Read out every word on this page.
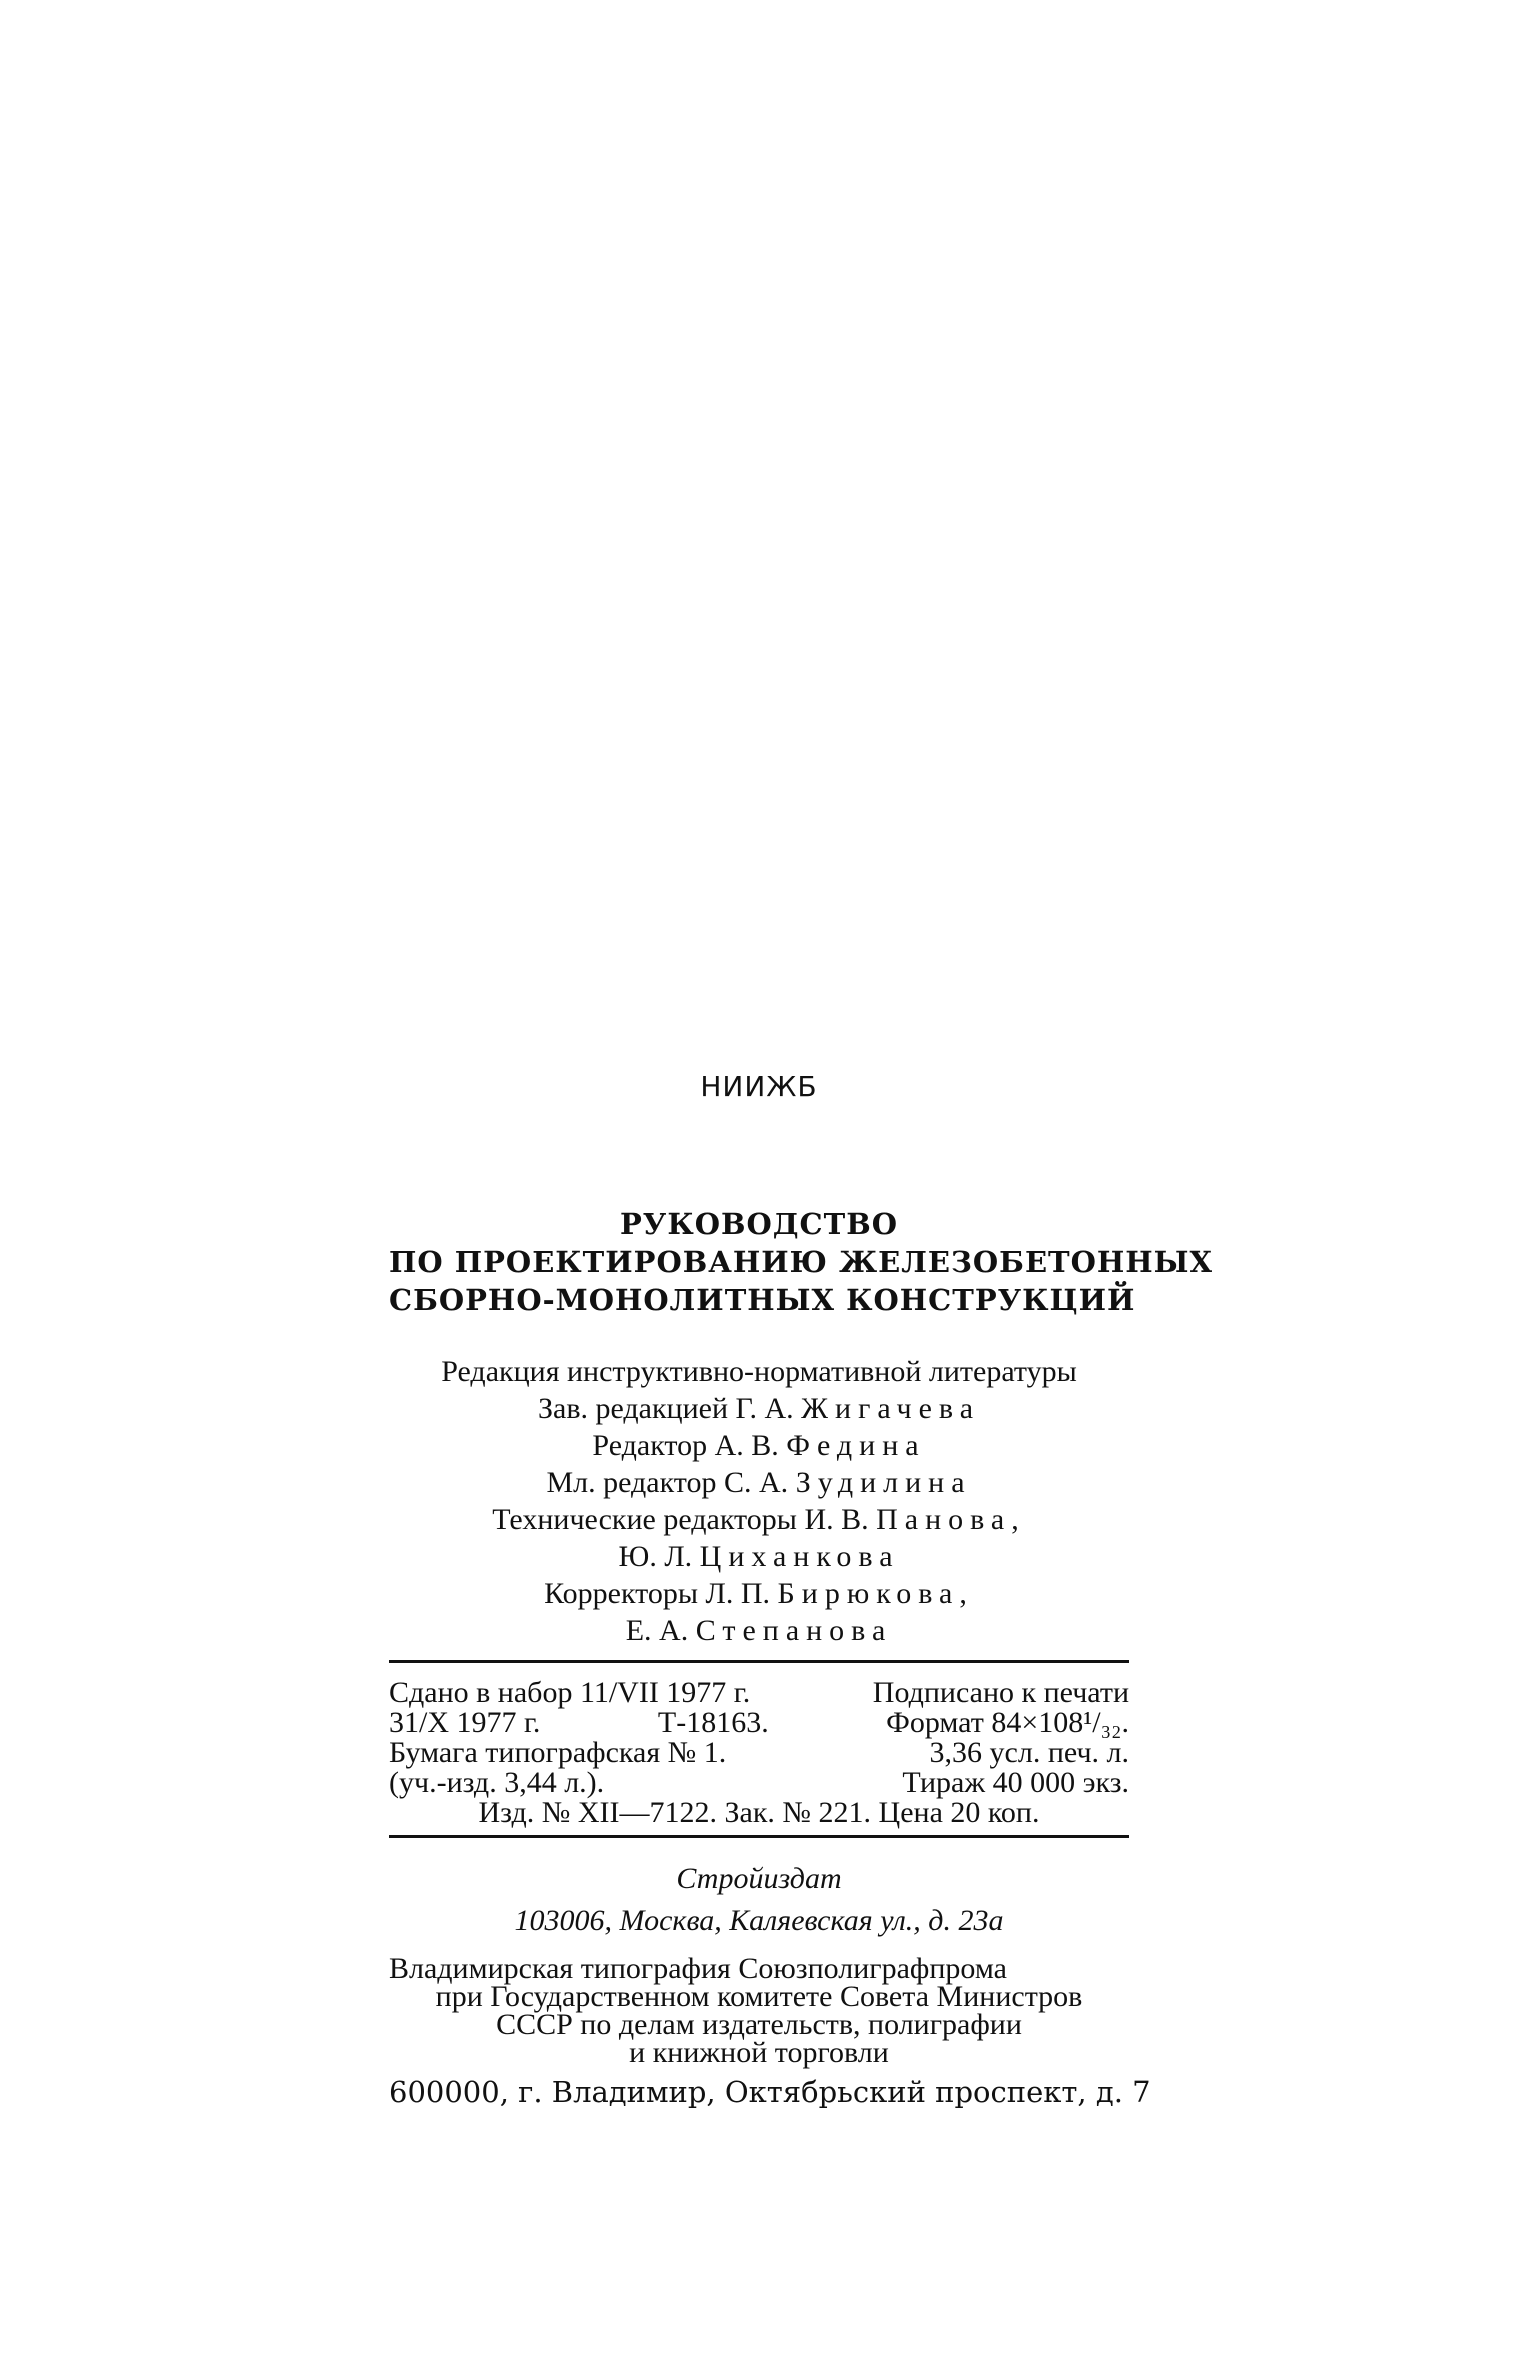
НИИЖБ
РУКОВОДСТВО
ПО ПРОЕКТИРОВАНИЮ ЖЕЛЕЗОБЕТОННЫХ
СБОРНО-МОНОЛИТНЫХ КОНСТРУКЦИЙ
Редакция инструктивно-нормативной литературы
Зав. редакцией Г. А. Жигачева
Редактор А. В. Федина
Мл. редактор С. А. Зудилина
Технические редакторы И. В. Панова,
Ю. Л. Циханкова
Корректоры Л. П. Бирюкова,
Е. А. Степанова
Сдано в набор 11/VII 1977 г.	Подписано к печати
31/X 1977 г.	Т-18163.	Формат 84×108¹/₃₂.
Бумага типографская № 1.	3,36 усл. печ. л.
(уч.-изд. 3,44 л.).	Тираж 40 000 экз.
Изд. № XII—7122. Зак. № 221. Цена 20 коп.
Стройиздат
103006, Москва, Каляевская ул., д. 23а
Владимирская типография Союзполиграфпрома
при Государственном комитете Совета Министров
СССР по делам издательств, полиграфии
и книжной торговли
600000, г. Владимир, Октябрьский проспект, д. 7
